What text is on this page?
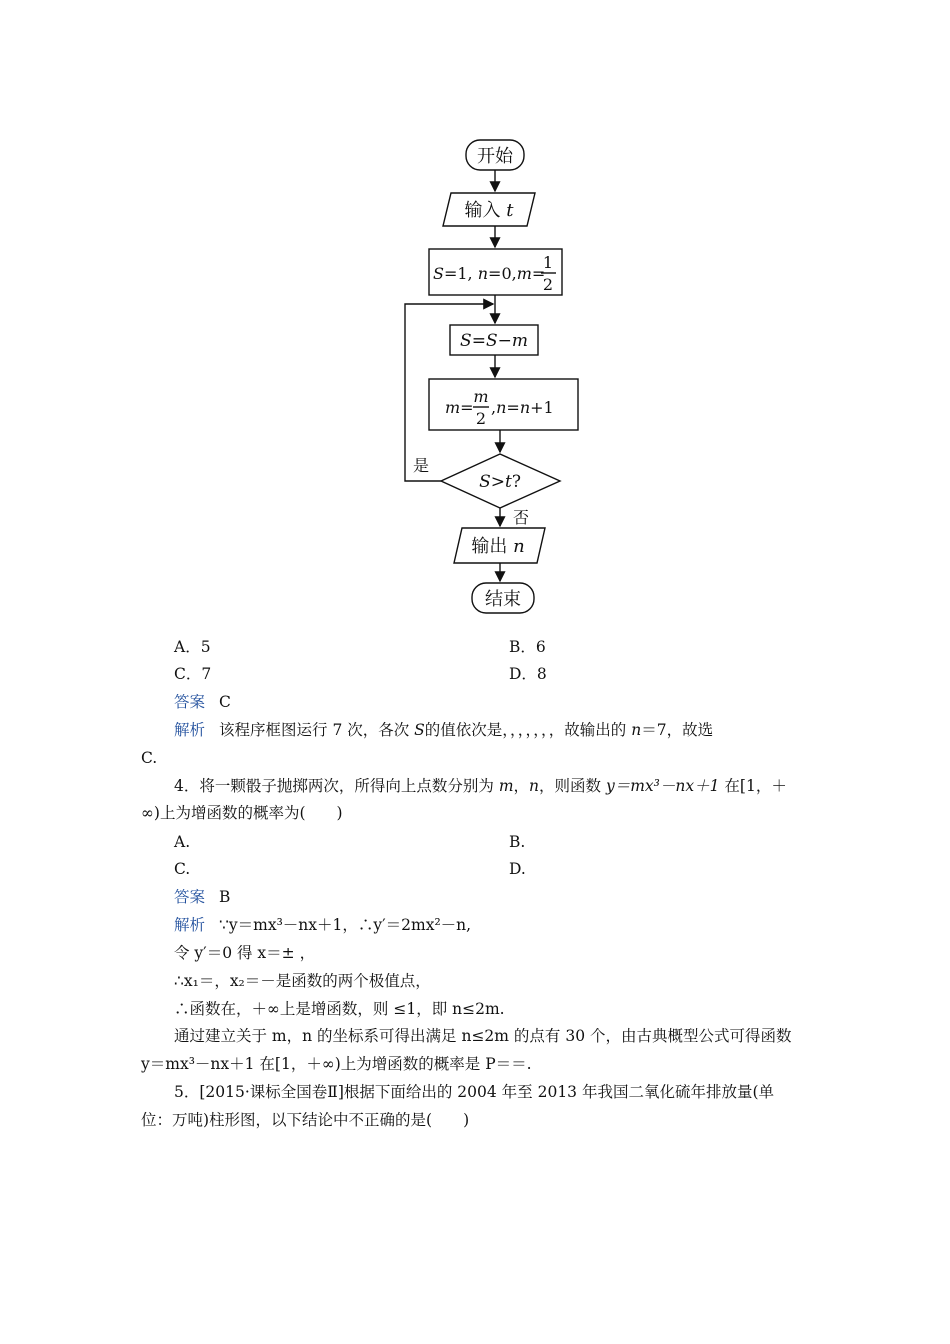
开始
输入 t
S=1, n=0,m=
1
2
S=S−m
m=
m
2
,n=n+1
S>t?
是
否
输出 n
结束
A．5	B．6
C．7	D．8
答案 C
解析 该程序框图运行 7 次，各次 S的值依次是，，，，，，，故输出的 n＝7，故选
C.
4．将一颗骰子抛掷两次，所得向上点数分别为 m，n，则函数 y＝mx³－nx＋1 在[1，＋
∞)上为增函数的概率为(　　)
A.	B.
C.	D.
答案 B
解析 ∵y＝mx³－nx＋1，∴y′＝2mx²－n,
令 y′＝0 得 x＝± ，
∴x₁＝，x₂＝－是函数的两个极值点，
∴函数在，＋∞上是增函数，则 ≤1，即 n≤2m.
通过建立关于 m，n 的坐标系可得出满足 n≤2m 的点有 30 个，由古典概型公式可得函数
y＝mx³－nx＋1 在[1，＋∞)上为增函数的概率是 P＝＝.
5．[2015·课标全国卷Ⅱ]根据下面给出的 2004 年至 2013 年我国二氧化硫年排放量(单
位：万吨)柱形图，以下结论中不正确的是(　　)
